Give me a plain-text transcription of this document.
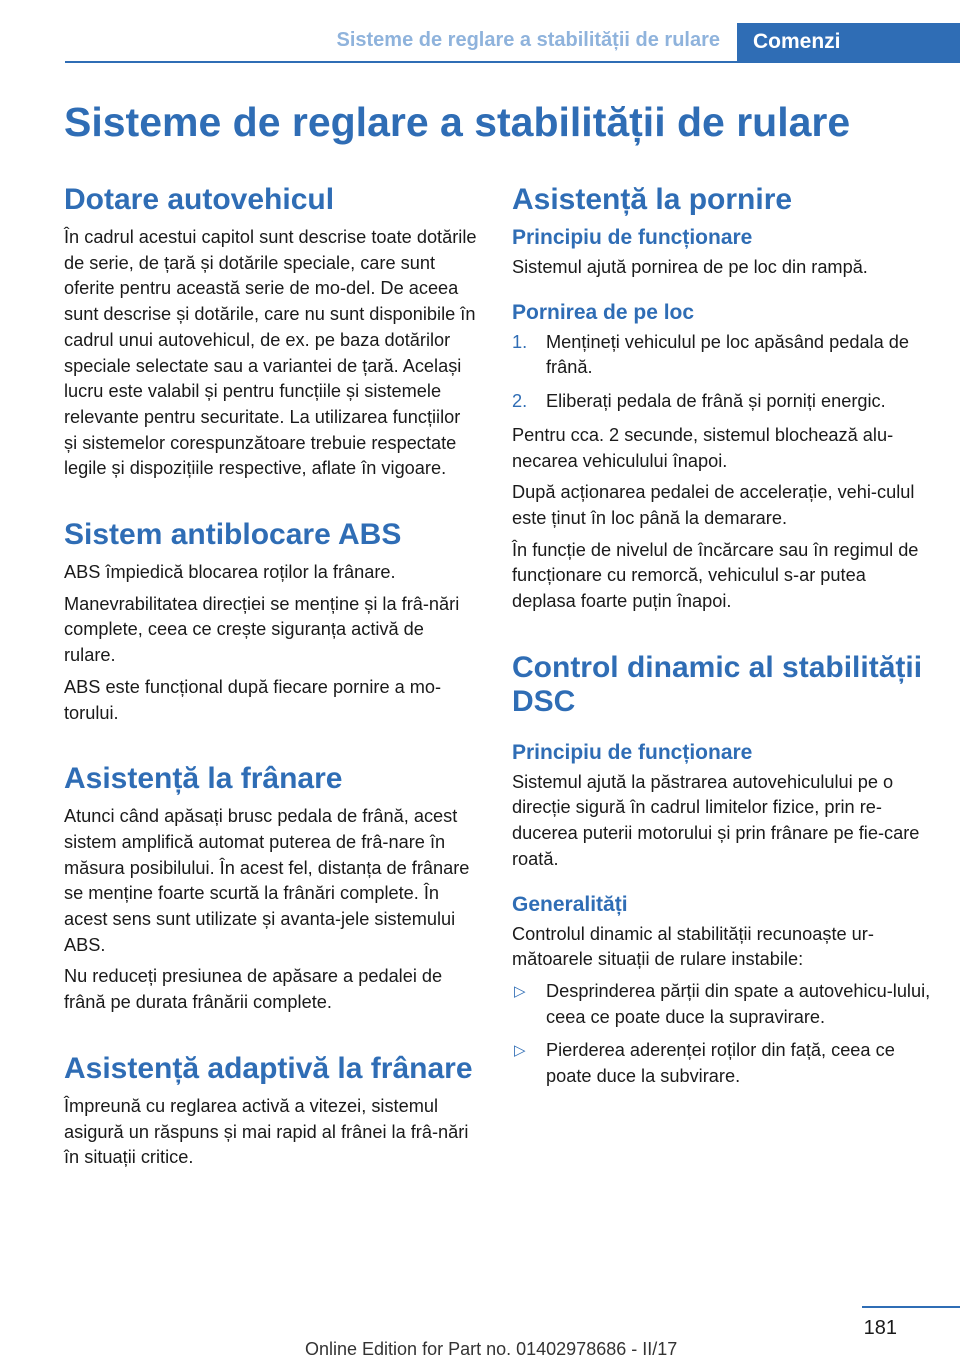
Sisteme de reglare a stabilității de rulare	Comenzi
Sisteme de reglare a stabilității de rulare
Dotare autovehicul

În cadrul acestui capitol sunt descrise toate dotările de serie, de țară și dotările speciale, care sunt oferite pentru această serie de mo‐del. De aceea sunt descrise și dotările, care nu sunt disponibile în cadrul unui autovehicul, de ex. pe baza dotărilor speciale selectate sau a variantei de țară. Același lucru este valabil și pentru funcțiile și sistemele relevante pentru securitate. La utilizarea funcțiilor și sistemelor corespunzătoare trebuie respectate legile și dispozițiile respective, aflate în vigoare.

Sistem antiblocare ABS

ABS împiedică blocarea roților la frânare.

Manevrabilitatea direcției se menține și la frâ‐nări complete, ceea ce crește siguranța activă de rulare.

ABS este funcțional după fiecare pornire a mo‐torului.

Asistență la frânare

Atunci când apăsați brusc pedala de frână, acest sistem amplifică automat puterea de frâ‐nare în măsura posibilului. În acest fel, distanța de frânare se menține foarte scurtă la frânări complete. În acest sens sunt utilizate și avanta‐jele sistemului ABS.

Nu reduceți presiunea de apăsare a pedalei de frână pe durata frânării complete.

Asistență adaptivă la frânare

Împreună cu reglarea activă a vitezei, sistemul asigură un răspuns și mai rapid al frânei la frâ‐nări în situații critice.

Asistență la pornire
Principiu de funcționare

Sistemul ajută pornirea de pe loc din rampă.

Pornirea de pe loc
1. Mențineți vehiculul pe loc apăsând pedala de frână.
2. Eliberați pedala de frână și porniți energic.

Pentru cca. 2 secunde, sistemul blochează alu‐necarea vehiculului înapoi.

După acționarea pedalei de accelerație, vehi‐culul este ținut în loc până la demarare.

În funcție de nivelul de încărcare sau în regimul de funcționare cu remorcă, vehiculul s-ar putea deplasa foarte puțin înapoi.

Control dinamic al stabilității DSC
Principiu de funcționare

Sistemul ajută la păstrarea autovehiculului pe o direcție sigură în cadrul limitelor fizice, prin re‐ducerea puterii motorului și prin frânare pe fie‐care roată.

Generalități

Controlul dinamic al stabilității recunoaște ur‐mătoarele situații de rulare instabile:

▷ Desprinderea părții din spate a autovehicu‐lului, ceea ce poate duce la supravirare.
▷ Pierderea aderenței roților din față, ceea ce poate duce la subvirare.
181
Online Edition for Part no. 01402978686 - II/17
